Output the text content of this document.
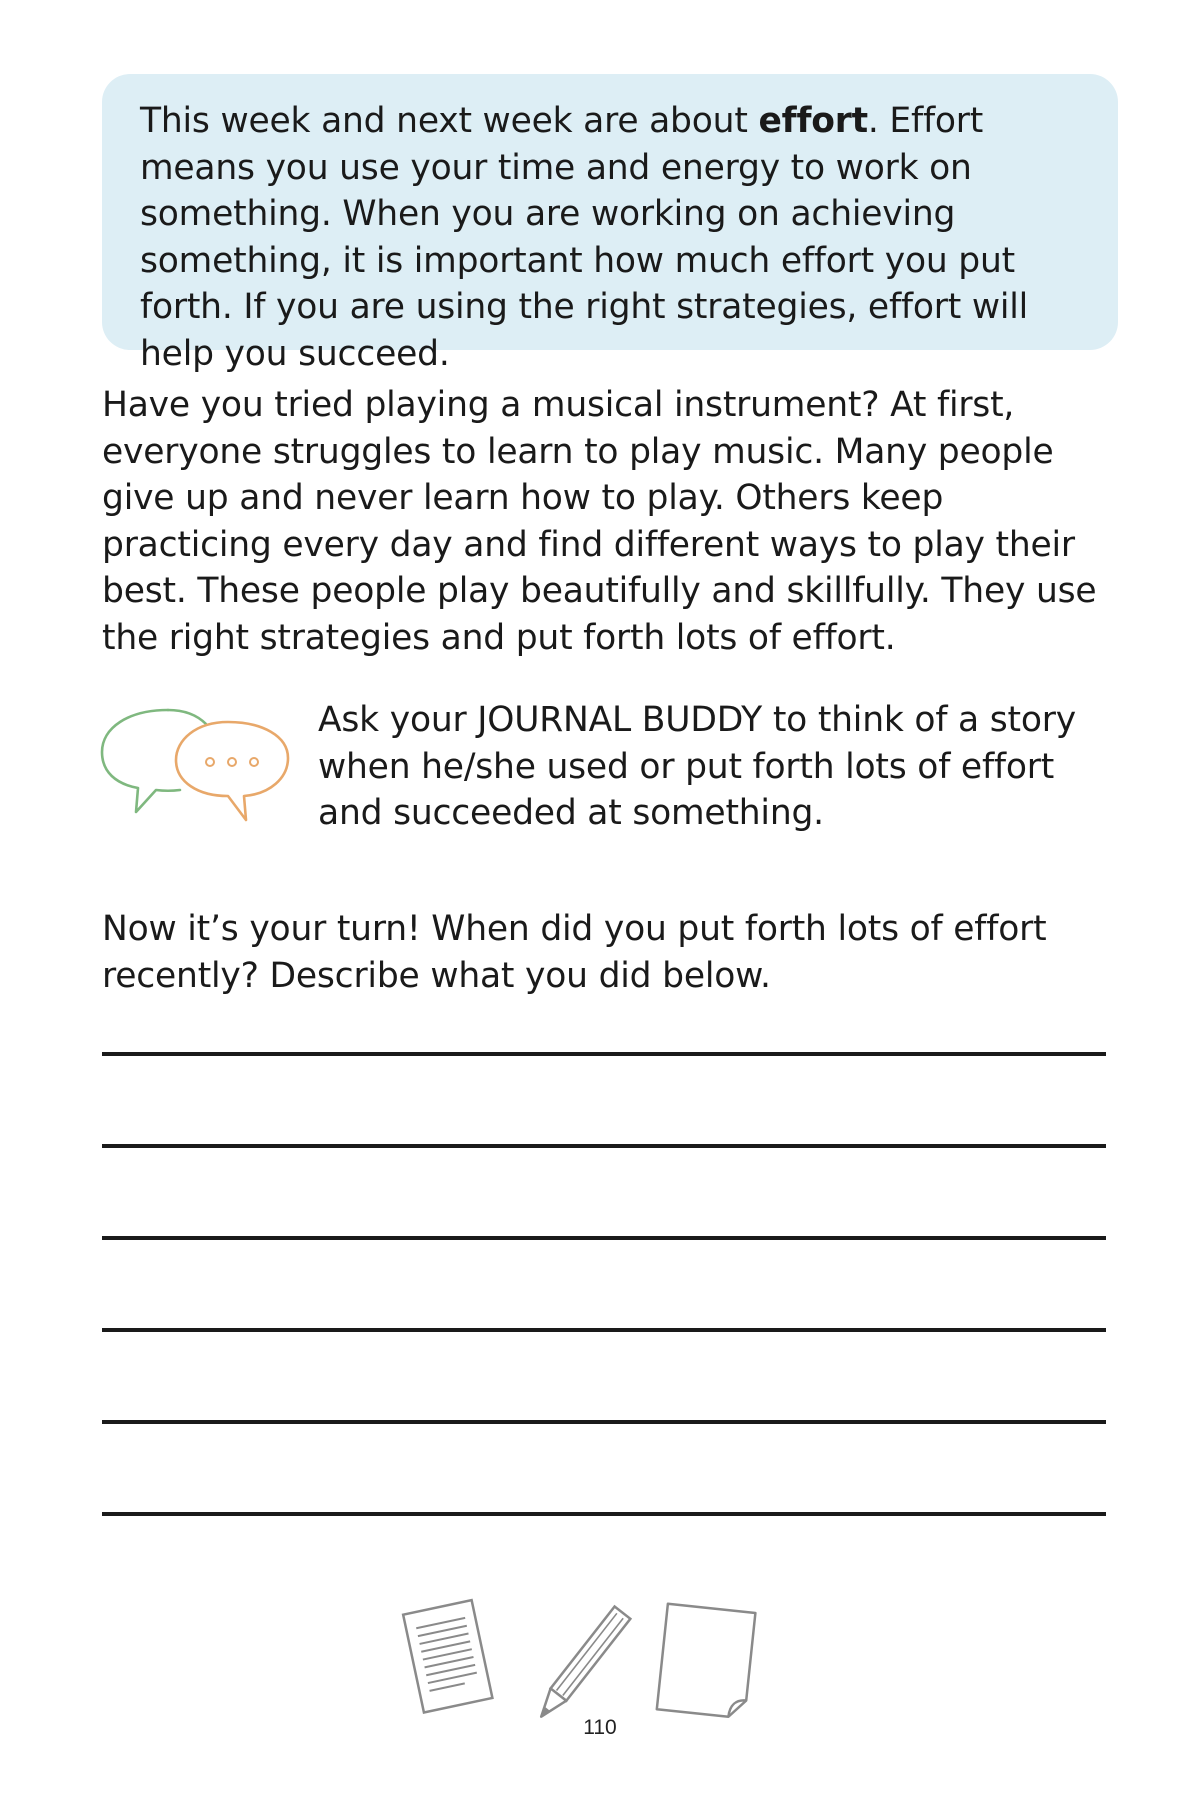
This week and next week are about effort. Effort means you use your time and energy to work on something. When you are working on achieving something, it is important how much effort you put forth. If you are using the right strategies, effort will help you succeed.

Have you tried playing a musical instrument? At first, everyone struggles to learn to play music. Many people give up and never learn how to play. Others keep practicing every day and find different ways to play their best. These people play beautifully and skillfully. They use the right strategies and put forth lots of effort.

Ask your JOURNAL BUDDY to think of a story when he/she used or put forth lots of effort and succeeded at something.

Now it’s your turn! When did you put forth lots of effort recently? Describe what you did below.

110
